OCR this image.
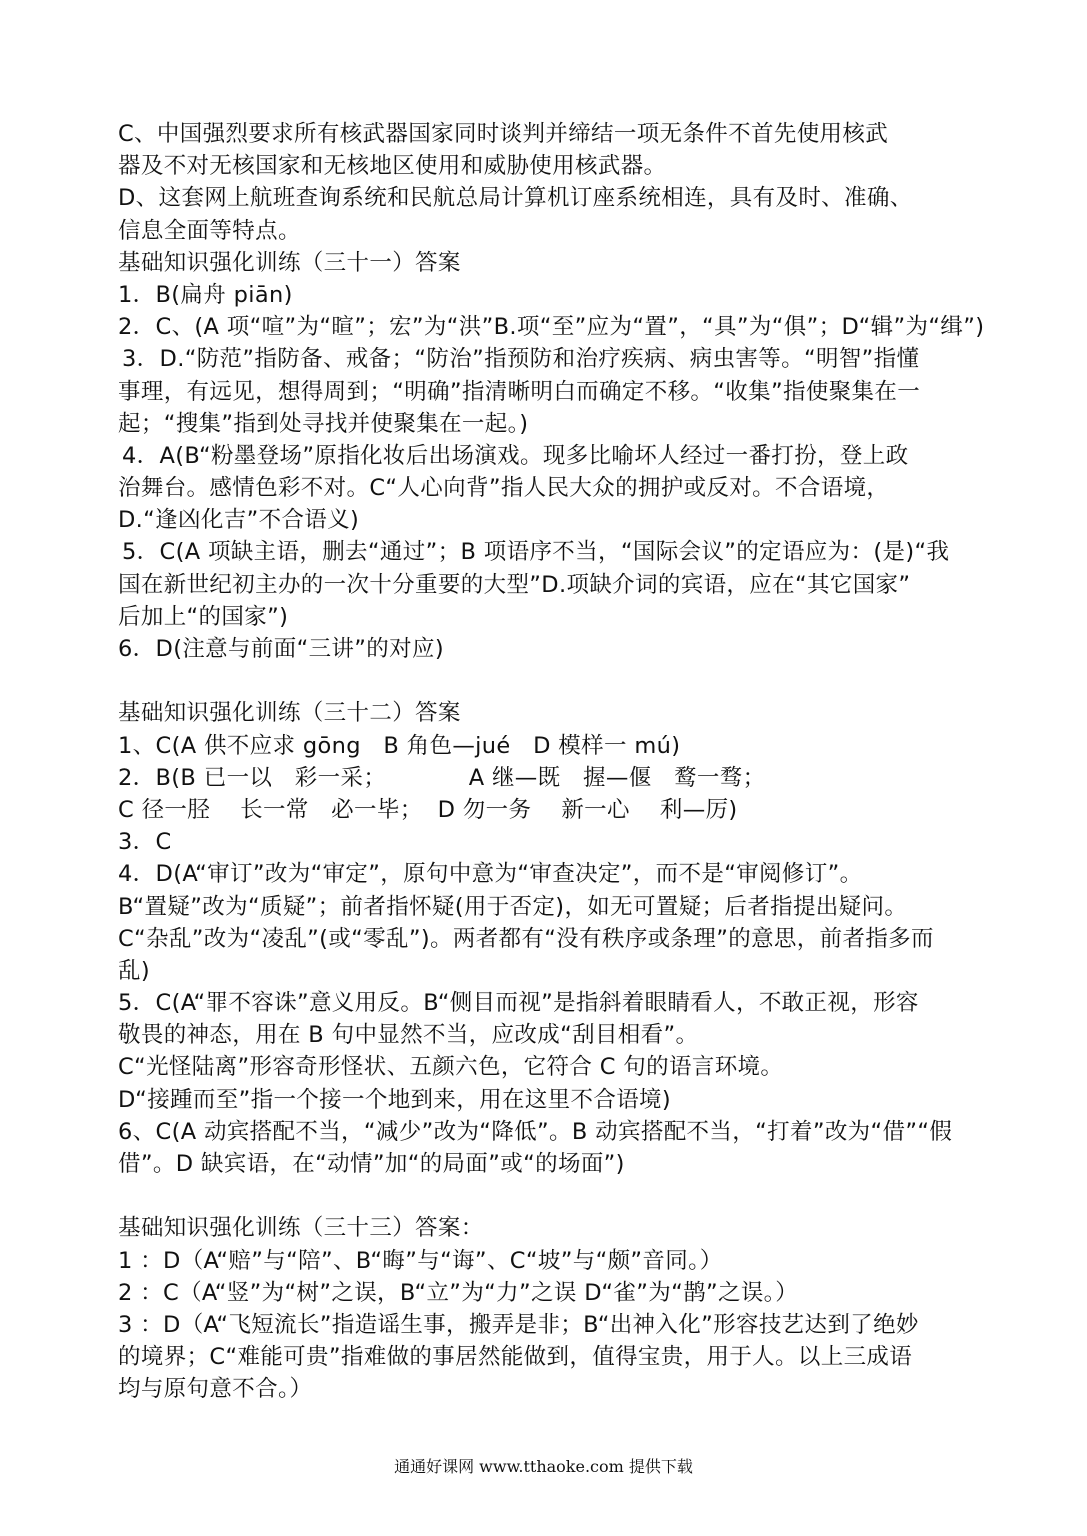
C、中国强烈要求所有核武器国家同时谈判并缔结一项无条件不首先使用核武
器及不对无核国家和无核地区使用和威胁使用核武器。
D、这套网上航班查询系统和民航总局计算机订座系统相连，具有及时、准确、
信息全面等特点。
基础知识强化训练（三十一）答案
1．B(扁舟 piān)
2．C、(A 项“喧”为“暄”；宏”为“洪”B.项“至”应为“置”，“具”为“俱”；D“辑”为“缉”)
3．D.“防范”指防备、戒备；“防治”指预防和治疗疾病、病虫害等。“明智”指懂
事理，有远见，想得周到；“明确”指清晰明白而确定不移。“收集”指使聚集在一
起；“搜集”指到处寻找并使聚集在一起。)
4．A(B“粉墨登场”原指化妆后出场演戏。现多比喻坏人经过一番打扮，登上政
治舞台。感情色彩不对。C“人心向背”指人民大众的拥护或反对。不合语境，
D.“逢凶化吉”不合语义)
5．C(A 项缺主语，删去“通过”；B 项语序不当，“国际会议”的定语应为：(是)“我
国在新世纪初主办的一次十分重要的大型”D.项缺介词的宾语，应在“其它国家”
后加上“的国家”)
6．D(注意与前面“三讲”的对应)
基础知识强化训练（三十二）答案
1、C(A 供不应求 gōng   B 角色—jué   D 模样一 mú)
2．B(B 已一以   彩一采；           A 继—既   握—偃   鹜一骛；
C 径一胫    长一常   必一毕；  D 勿一务    新一心    利—厉)
3．C
4．D(A“审订”改为“审定”，原句中意为“审查决定”，而不是“审阅修订”。
B“置疑”改为“质疑”；前者指怀疑(用于否定)，如无可置疑；后者指提出疑问。
C“杂乱”改为“凌乱”(或“零乱”)。两者都有“没有秩序或条理”的意思，前者指多而
乱)
5．C(A“罪不容诛”意义用反。B“侧目而视”是指斜着眼睛看人，不敢正视，形容
敬畏的神态，用在 B 句中显然不当，应改成“刮目相看”。
C“光怪陆离”形容奇形怪状、五颜六色，它符合 C 句的语言环境。
D“接踵而至”指一个接一个地到来，用在这里不合语境)
6、C(A 动宾搭配不当，“减少”改为“降低”。B 动宾搭配不当，“打着”改为“借”“假
借”。D 缺宾语，在“动情”加“的局面”或“的场面”)
基础知识强化训练（三十三）答案：
1 ：D（A“赔”与“陪”、B“晦”与“诲”、C“坡”与“颇”音同。）
2 ：C（A“竖”为“树”之误，B“立”为“力”之误 D“雀”为“鹊”之误。）
3 ：D（A“飞短流长”指造谣生事，搬弄是非；B“出神入化”形容技艺达到了绝妙
的境界；C“难能可贵”指难做的事居然能做到，值得宝贵，用于人。以上三成语
均与原句意不合。）
通通好课网 www.tthaoke.com 提供下载
